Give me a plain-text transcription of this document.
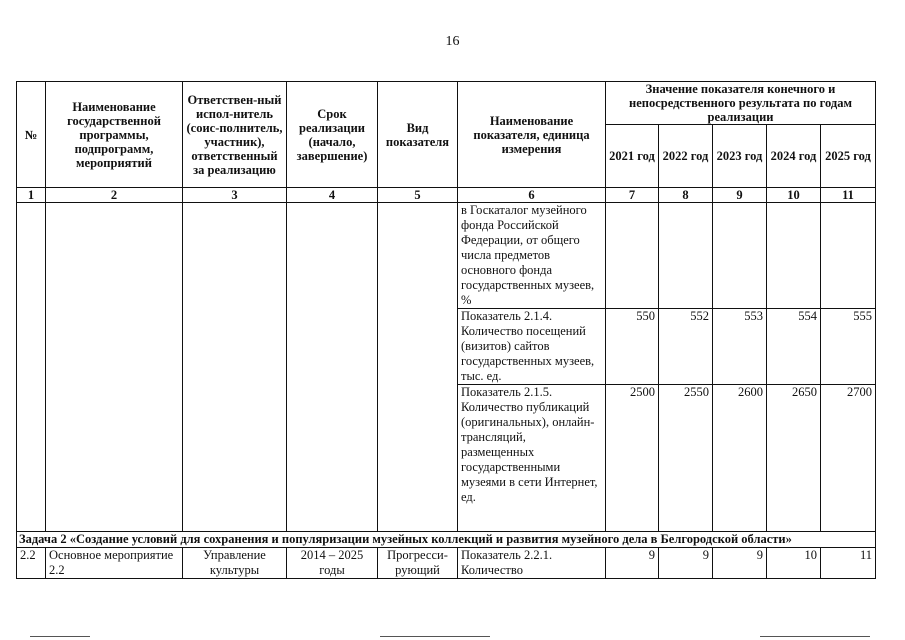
16
№	Наименование государственной программы, подпрограмм, мероприятий	Ответствен-ный испол-нитель (соис-полнитель, участник), ответственный за реализацию	Срок реализации (начало, завершение)	Вид показателя	Наименование показателя, единица измерения	Значение показателя конечного и непосредственного результата по годам реализации				
						2021 год	2022 год	2023 год	2024 год	2025 год
1	2	3	4	5	6	7	8	9	10	11
					в Госкаталог музейного фонда Российской Федерации, от общего числа предметов основного фонда государственных музеев, %					
					Показатель 2.1.4. Количество посещений (визитов) сайтов государственных музеев, тыс. ед.	550	552	553	554	555
					Показатель 2.1.5. Количество публикаций (оригинальных), онлайн-трансляций, размещенных государственными музеями в сети Интернет, ед.	2500	2550	2600	2650	2700
Задача 2 «Создание условий для сохранения и популяризации музейных коллекций и развития музейного дела в Белгородской области»										
2.2	Основное мероприятие 2.2	Управление культуры	2014 – 2025 годы	Прогресси-рующий	Показатель 2.2.1. Количество	9	9	9	10	11
